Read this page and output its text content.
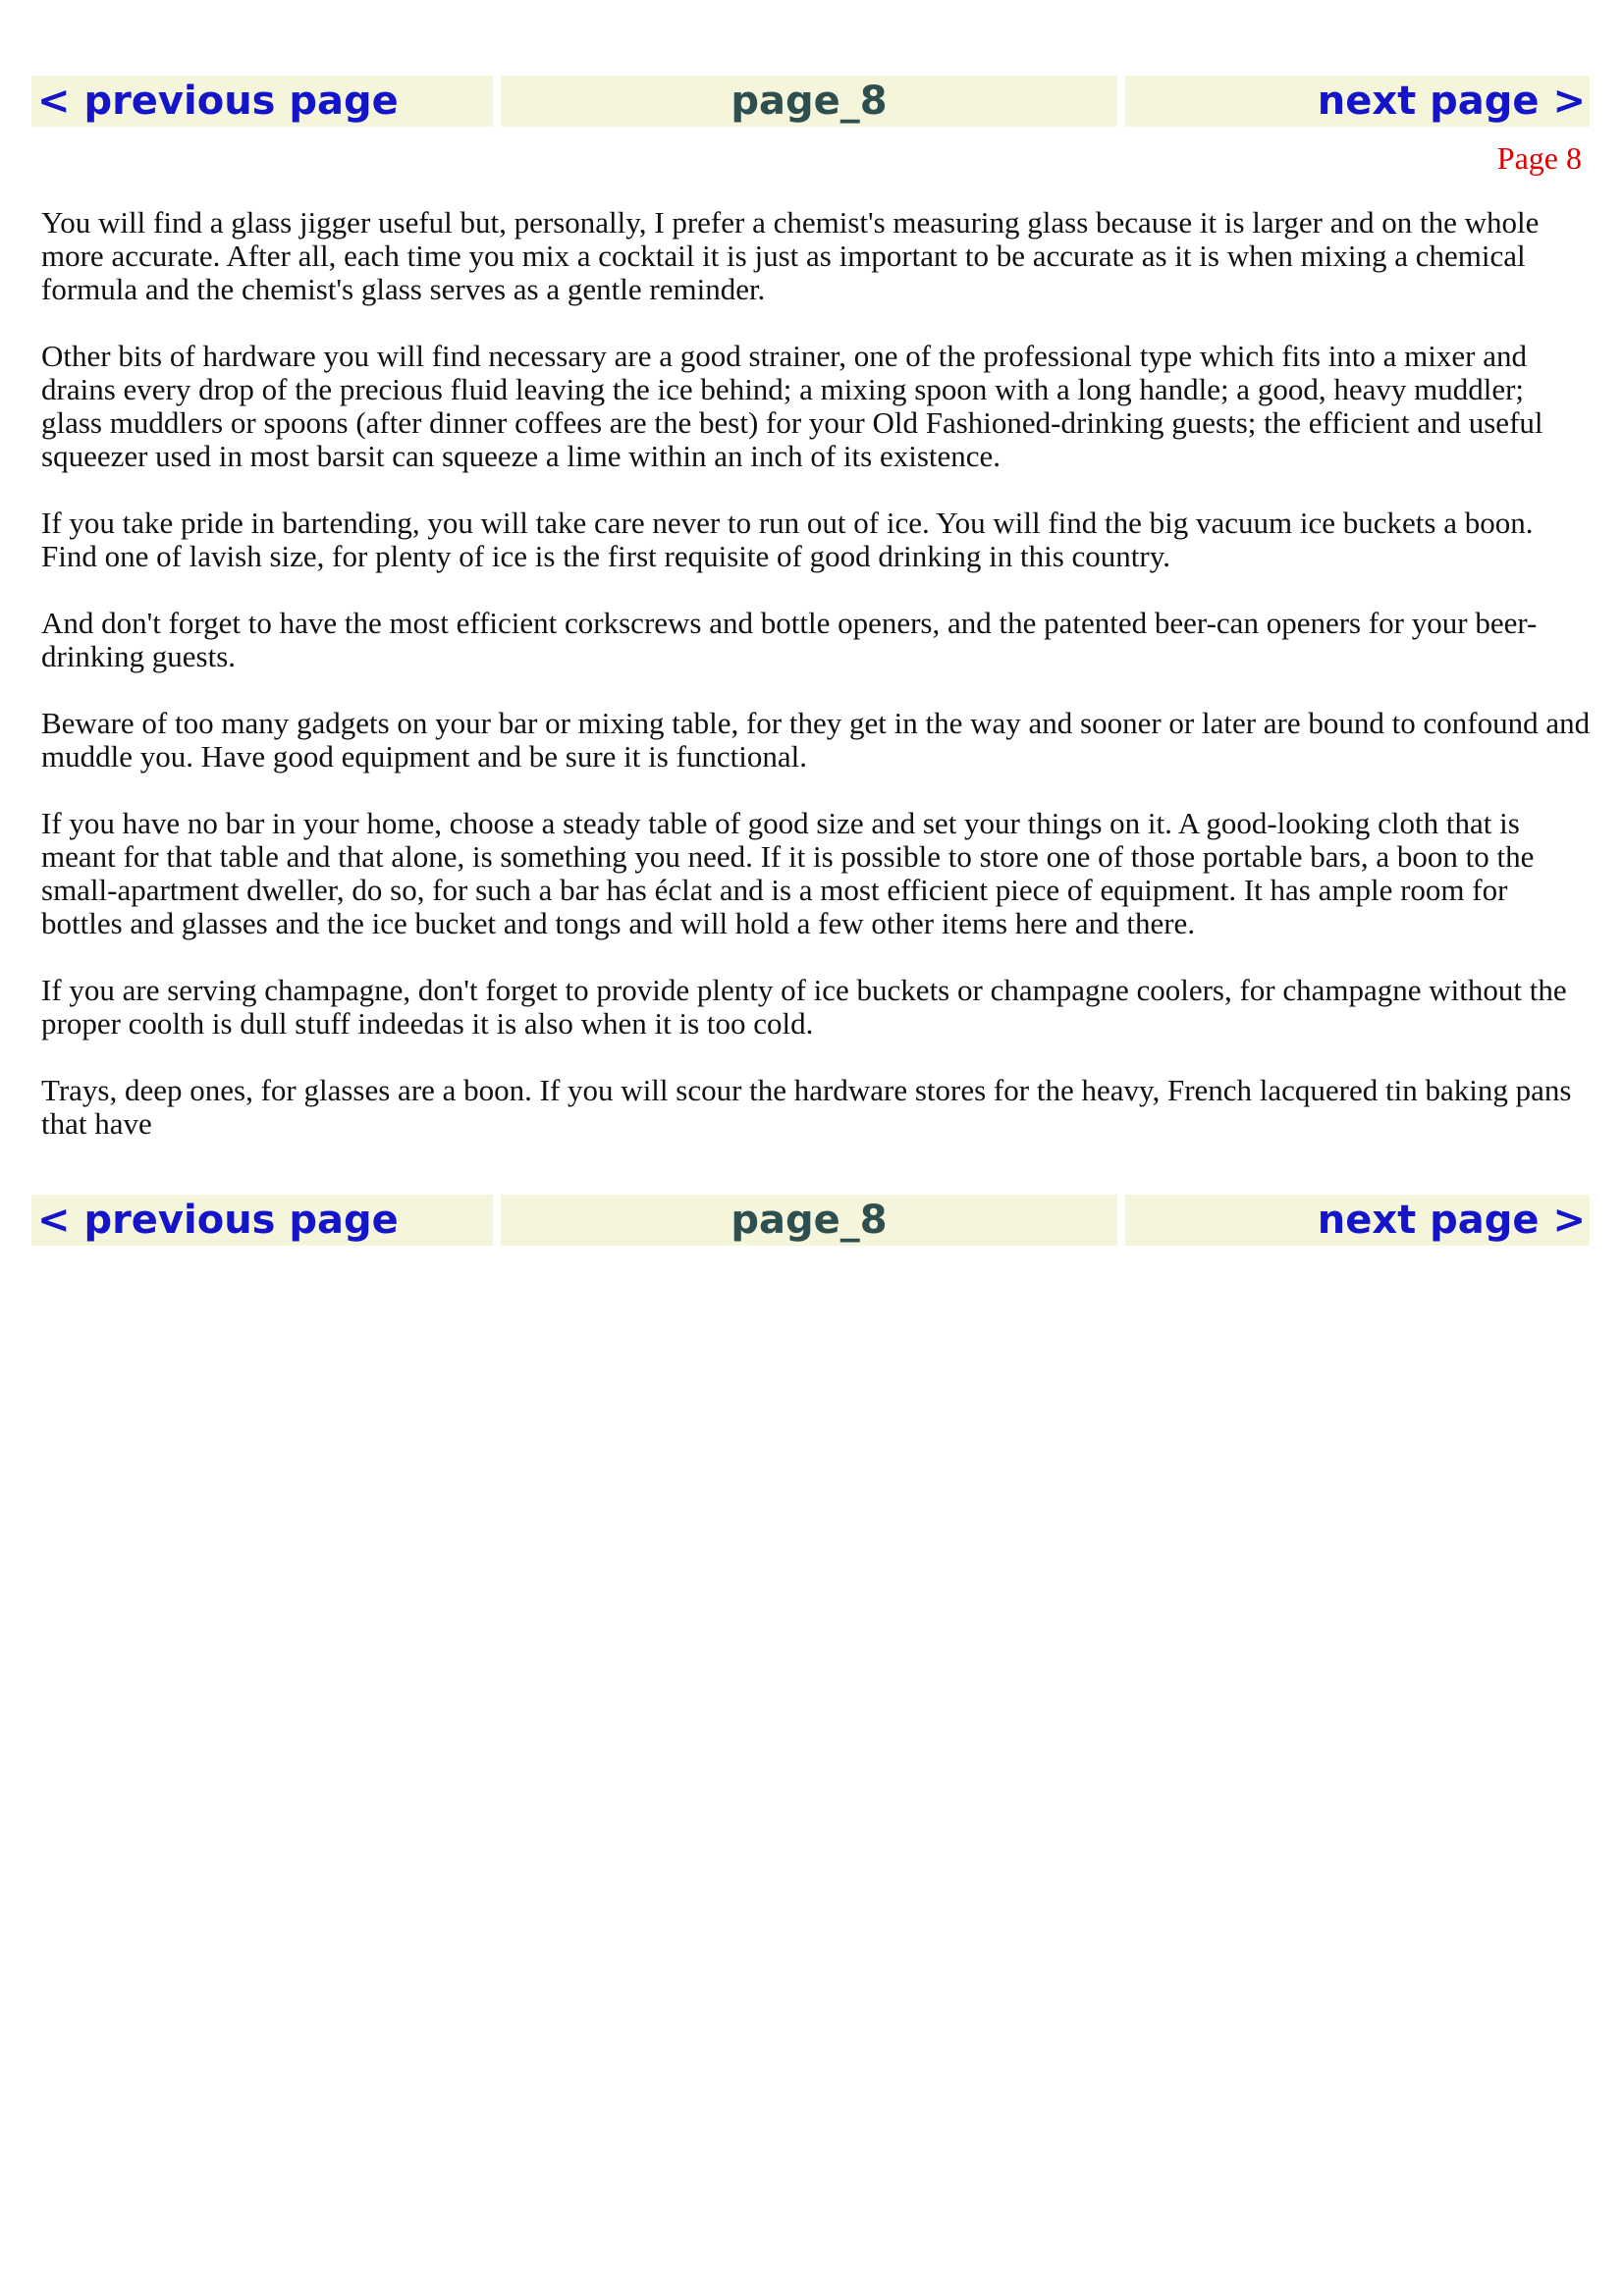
< previous page	page_8	next page >
Page 8

You will find a glass jigger useful but, personally, I prefer a chemist's measuring glass because it is larger and on the whole more accurate. After all, each time you mix a cocktail it is just as important to be accurate as it is when mixing a chemical formula and the chemist's glass serves as a gentle reminder.

Other bits of hardware you will find necessary are a good strainer, one of the professional type which fits into a mixer and drains every drop of the precious fluid leaving the ice behind; a mixing spoon with a long handle; a good, heavy muddler; glass muddlers or spoons (after dinner coffees are the best) for your Old Fashioned-drinking guests; the efficient and useful squeezer used in most barsit can squeeze a lime within an inch of its existence.

If you take pride in bartending, you will take care never to run out of ice. You will find the big vacuum ice buckets a boon. Find one of lavish size, for plenty of ice is the first requisite of good drinking in this country.

And don't forget to have the most efficient corkscrews and bottle openers, and the patented beer-can openers for your beer-drinking guests.

Beware of too many gadgets on your bar or mixing table, for they get in the way and sooner or later are bound to confound and muddle you. Have good equipment and be sure it is functional.

If you have no bar in your home, choose a steady table of good size and set your things on it. A good-looking cloth that is meant for that table and that alone, is something you need. If it is possible to store one of those portable bars, a boon to the small-apartment dweller, do so, for such a bar has éclat and is a most efficient piece of equipment. It has ample room for bottles and glasses and the ice bucket and tongs and will hold a few other items here and there.

If you are serving champagne, don't forget to provide plenty of ice buckets or champagne coolers, for champagne without the proper coolth is dull stuff indeedas it is also when it is too cold.

Trays, deep ones, for glasses are a boon. If you will scour the hardware stores for the heavy, French lacquered tin baking pans that have

< previous page	page_8	next page >
